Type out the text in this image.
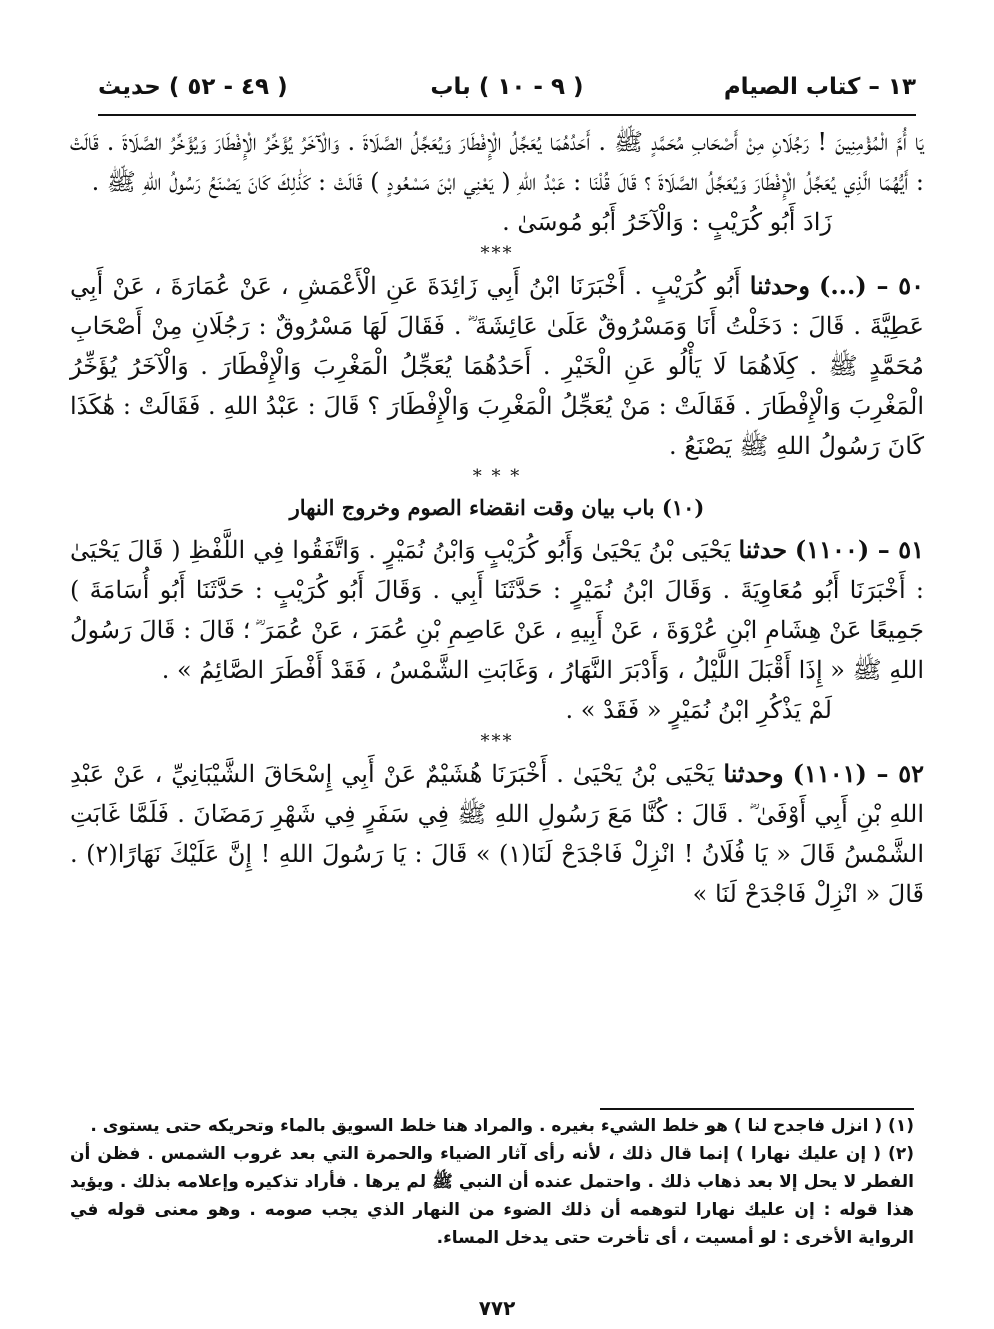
١٣ – كتاب الصيام
( ٩ - ١٠ ) باب
( ٤٩ - ٥٢ ) حديث

يَا أُمَّ الْمُؤْمِنِينَ ! رَجُلَانِ مِنْ أَصْحَابِ مُحَمَّدٍ ﷺ . أَحَدُهُمَا يُعَجِّلُ الْإِفْطَارَ وَيُعَجِّلُ الصَّلَاةَ . وَالْآخَرُ يُؤَخِّرُ الْإِفْطَارَ وَيُؤَخِّرُ الصَّلَاةَ . قَالَتْ : أَيُّهُمَا الَّذِي يُعَجِّلُ الْإِفْطَارَ وَيُعَجِّلُ الصَّلَاةَ ؟ قَالَ قُلْنَا : عَبْدُ اللهِ ( يَعْنِي ابْنَ مَسْعُودٍ ) قَالَتْ : كَذَٰلِكَ كَانَ يَصْنَعُ رَسُولُ اللهِ ﷺ .

زَادَ أَبُو كُرَيْبٍ : وَالْآخَرُ أَبُو مُوسَىٰ .

***

٥٠ – (...) وحدثنا أَبُو كُرَيْبٍ . أَخْبَرَنَا ابْنُ أَبِي زَائِدَةَ عَنِ الْأَعْمَشِ ، عَنْ عُمَارَةَ ، عَنْ أَبِي عَطِيَّةَ . قَالَ : دَخَلْتُ أَنَا وَمَسْرُوقٌ عَلَىٰ عَائِشَةَ ؓ . فَقَالَ لَهَا مَسْرُوقٌ : رَجُلَانِ مِنْ أَصْحَابِ مُحَمَّدٍ ﷺ . كِلَاهُمَا لَا يَأْلُو عَنِ الْخَيْرِ . أَحَدُهُمَا يُعَجِّلُ الْمَغْرِبَ وَالْإِفْطَارَ . وَالْآخَرُ يُؤَخِّرُ الْمَغْرِبَ وَالْإِفْطَارَ . فَقَالَتْ : مَنْ يُعَجِّلُ الْمَغْرِبَ وَالْإِفْطَارَ ؟ قَالَ : عَبْدُ اللهِ . فَقَالَتْ : هَٰكَذَا كَانَ رَسُولُ اللهِ ﷺ يَصْنَعُ .

* * *

(١٠) باب بيان وقت انقضاء الصوم وخروج النهار

٥١ – (١١٠٠) حدثنا يَحْيَى بْنُ يَحْيَىٰ وَأَبُو كُرَيْبٍ وَابْنُ نُمَيْرٍ . وَاتَّفَقُوا فِي اللَّفْظِ ( قَالَ يَحْيَىٰ : أَخْبَرَنَا أَبُو مُعَاوِيَةَ . وَقَالَ ابْنُ نُمَيْرٍ : حَدَّثَنَا أَبِي . وَقَالَ أَبُو كُرَيْبٍ : حَدَّثَنَا أَبُو أُسَامَةَ ) جَمِيعًا عَنْ هِشَامِ ابْنِ عُرْوَةَ ، عَنْ أَبِيهِ ، عَنْ عَاصِمِ بْنِ عُمَرَ ، عَنْ عُمَرَ ؓ ؛ قَالَ : قَالَ رَسُولُ اللهِ ﷺ « إِذَا أَقْبَلَ اللَّيْلُ ، وَأَدْبَرَ النَّهَارُ ، وَغَابَتِ الشَّمْسُ ، فَقَدْ أَفْطَرَ الصَّائِمُ » .

لَمْ يَذْكُرِ ابْنُ نُمَيْرٍ « فَقَدْ » .

***

٥٢ – (١١٠١) وحدثنا يَحْيَى بْنُ يَحْيَىٰ . أَخْبَرَنَا هُشَيْمٌ عَنْ أَبِي إِسْحَاقَ الشَّيْبَانِيِّ ، عَنْ عَبْدِ اللهِ بْنِ أَبِي أَوْفَىٰ ؓ . قَالَ : كُنَّا مَعَ رَسُولِ اللهِ ﷺ فِي سَفَرٍ فِي شَهْرِ رَمَضَانَ . فَلَمَّا غَابَتِ الشَّمْسُ قَالَ « يَا فُلَانُ ! انْزِلْ فَاجْدَحْ لَنَا(١) » قَالَ : يَا رَسُولَ اللهِ ! إِنَّ عَلَيْكَ نَهَارًا(٢) . قَالَ « انْزِلْ فَاجْدَحْ لَنَا »

(١) ( انزل فاجدح لنا ) هو خلط الشيء بغيره . والمراد هنا خلط السويق بالماء وتحريكه حتى يستوى .

(٢) ( إن عليك نهارا ) إنما قال ذلك ، لأنه رأى آثار الضياء والحمرة التي بعد غروب الشمس . فظن أن الفطر لا يحل إلا بعد ذهاب ذلك . واحتمل عنده أن النبي ﷺ لم يرها . فأراد تذكيره وإعلامه بذلك . ويؤيد هذا قوله : إن عليك نهارا لتوهمه أن ذلك الضوء من النهار الذي يجب صومه . وهو معنى قوله في الرواية الأخرى : لو أمسيت ، أى تأخرت حتى يدخل المساء.

٧٧٢
